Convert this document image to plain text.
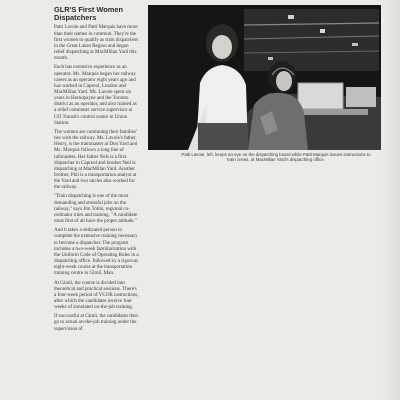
GLR'S First Women Dispatchers

Patti Lavoie and Patti Marquis have more than their names in common. They're the first women to qualify as train dispatchers in the Great Lakes Region and began relief dispatching at MacMillan Yard this month.

Each has extensive experience as an operator. Ms. Marquis began her railway career as an operator eight years ago and has worked in Capreol, London and MacMillan Yard. Ms. Lavoie spent six years in Hornepayne and the Toronto district as an operator, and also trained as a relief commuter service supervisor at GO Transit's control centre in Union Station.

The women are continuing their families' ties with the railway. Ms. Lavoie's father, Henry, is the trainmaster at Don Yard and Ms. Marquis follows a long line of railroaders. Her father Nels is a first dispatcher in Capreol and brother Neil is dispatching at MacMillan Yard. Another brother, Phil is a transportation analyst at the Yard and two uncles also worked for the railway.

"Train dispatching is one of the most demanding and stressful jobs on the railway," says Jim Tobin, regional co-ordinator rules and training. "A candidate must first of all have the proper attitude."

And it takes a dedicated person to complete the extensive training necessary to become a dispatcher. The program includes a two-week familiarization with the Uniform Code of Operating Rules in a dispatching office, followed by a rigorous eight-week course at the transportation training centre in Gimli, Man.

At Gimli, the course is divided into theoretical and practical sessions. There's a four-week period of VCOR instructions, after which the candidates receive four weeks of simulated on-the-job training.

If successful at Gimli, the candidates then go to actual on-the-job training under the supervision of

Patti Lavoie, left, keeps an eye on the dispatching board while Patti Marquis issues instructions to train crews, at MacMillan Yard's dispatching office.
